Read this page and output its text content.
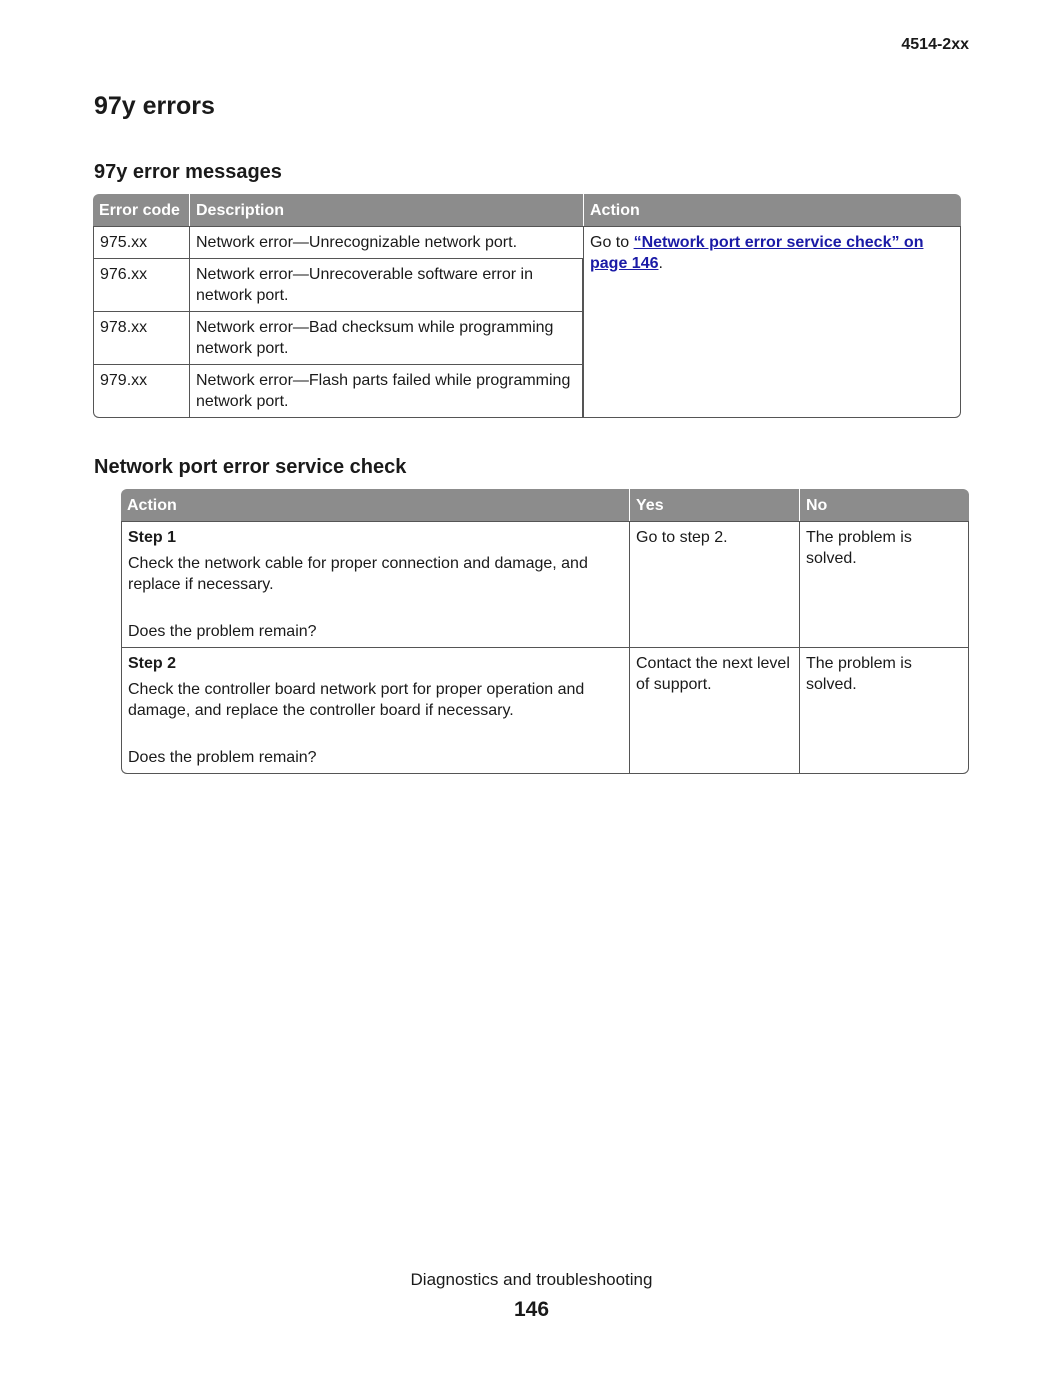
4514-2xx
97y errors
97y error messages
Error code	Description	Action
975.xx	Network error—Unrecognizable network port.	Go to “Network port error service check” on page 146.
976.xx	Network error—Unrecoverable software error in network port.	
978.xx	Network error—Bad checksum while programming network port.	
979.xx	Network error—Flash parts failed while programming network port.	
Network port error service check
Action	Yes	No

Step 1
Check the network cable for proper connection and damage, and replace if necessary.
Does the problem remain?	Go to step 2.	The problem is solved.

Step 2
Check the controller board network port for proper operation and damage, and replace the controller board if necessary.
Does the problem remain?	Contact the next level of support.	The problem is solved.
Diagnostics and troubleshooting
146
